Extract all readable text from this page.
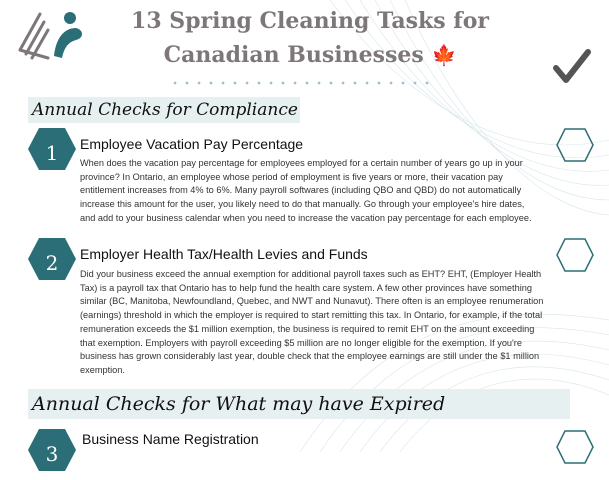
13 Spring Cleaning Tasks for
Canadian Businesses 🍁
Annual Checks for Compliance
1	Employee Vacation Pay Percentage
When does the vacation pay percentage for employees employed for a certain number of years go up in your province? In Ontario, an employee whose period of employment is five years or more, their vacation pay entitlement increases from 4% to 6%. Many payroll softwares (including QBO and QBD) do not automatically increase this amount for the user, you likely need to do that manually. Go through your employee's hire dates, and add to your business calendar when you need to increase the vacation pay percentage for each employee.
2	Employer Health Tax/Health Levies and Funds
Did your business exceed the annual exemption for additional payroll taxes such as EHT? EHT, (Employer Health Tax) is a payroll tax that Ontario has to help fund the health care system. A few other provinces have something similar (BC, Manitoba, Newfoundland, Quebec, and NWT and Nunavut). There often is an employee renumeration (earnings) threshold in which the employer is required to start remitting this tax. In Ontario, for example, if the total remuneration exceeds the $1 million exemption, the business is required to remit EHT on the amount exceeding that exemption. Employers with payroll exceeding $5 million are no longer eligible for the exemption. If you're business has grown considerably last year, double check that the employee earnings are still under the $1 million exemption.
Annual Checks for What may have Expired
3
Business Name Registration
